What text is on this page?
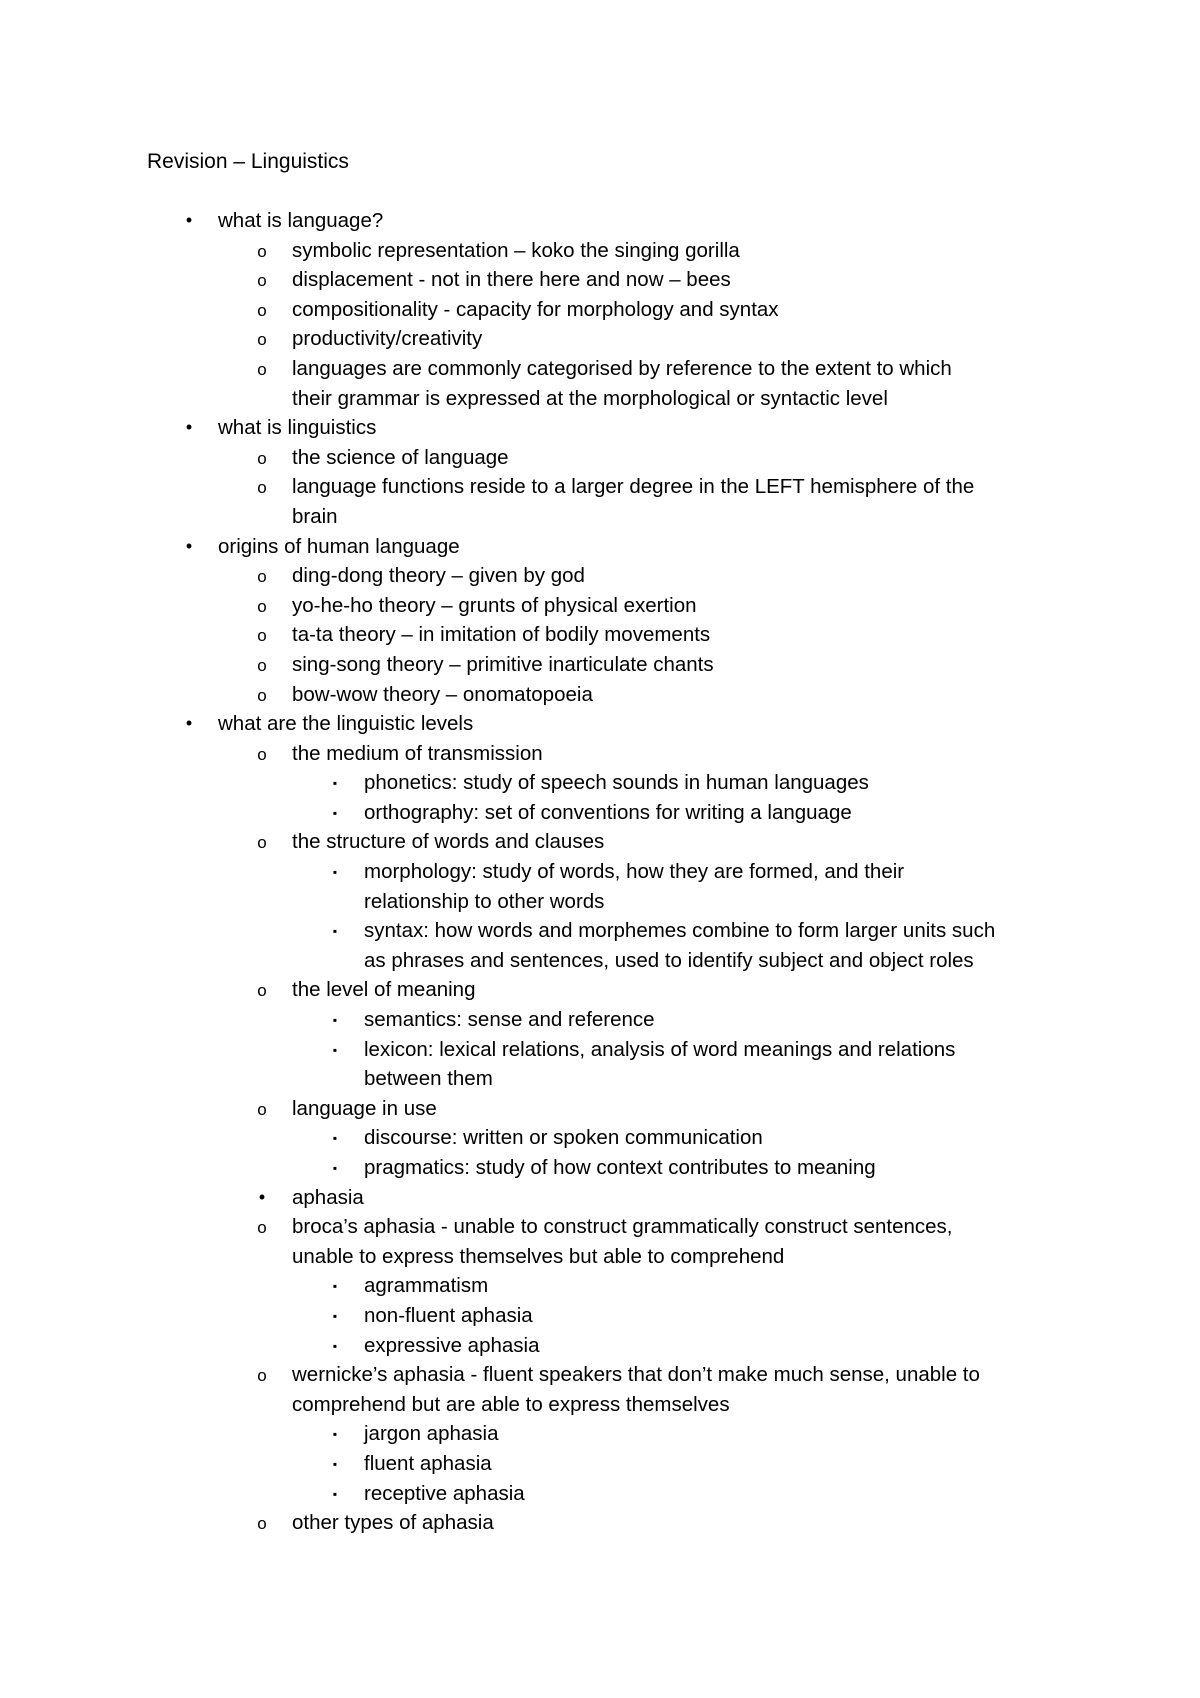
Revision – Linguistics
•	what is language?
o	symbolic representation – koko the singing gorilla
o	displacement - not in there here and now – bees
o	compositionality - capacity for morphology and syntax
o	productivity/creativity
o	languages are commonly categorised by reference to the extent to which
their grammar is expressed at the morphological or syntactic level
•	what is linguistics
o	the science of language
o	language functions reside to a larger degree in the LEFT hemisphere of the
brain
•	origins of human language
o	ding-dong theory – given by god
o	yo-he-ho theory – grunts of physical exertion
o	ta-ta theory – in imitation of bodily movements
o	sing-song theory – primitive inarticulate chants
o	bow-wow theory – onomatopoeia
•	what are the linguistic levels
o	the medium of transmission
▪	phonetics: study of speech sounds in human languages
▪	orthography: set of conventions for writing a language
o	the structure of words and clauses
▪	morphology: study of words, how they are formed, and their
relationship to other words
▪	syntax: how words and morphemes combine to form larger units such
as phrases and sentences, used to identify subject and object roles
o	the level of meaning
▪	semantics: sense and reference
▪	lexicon: lexical relations, analysis of word meanings and relations
between them
o	language in use
▪	discourse: written or spoken communication
▪	pragmatics: study of how context contributes to meaning
•	aphasia
o	broca’s aphasia - unable to construct grammatically construct sentences,
unable to express themselves but able to comprehend
▪	agrammatism
▪	non-fluent aphasia
▪	expressive aphasia
o	wernicke’s aphasia - fluent speakers that don’t make much sense, unable to
comprehend but are able to express themselves
▪	jargon aphasia
▪	fluent aphasia
▪	receptive aphasia
o	other types of aphasia
